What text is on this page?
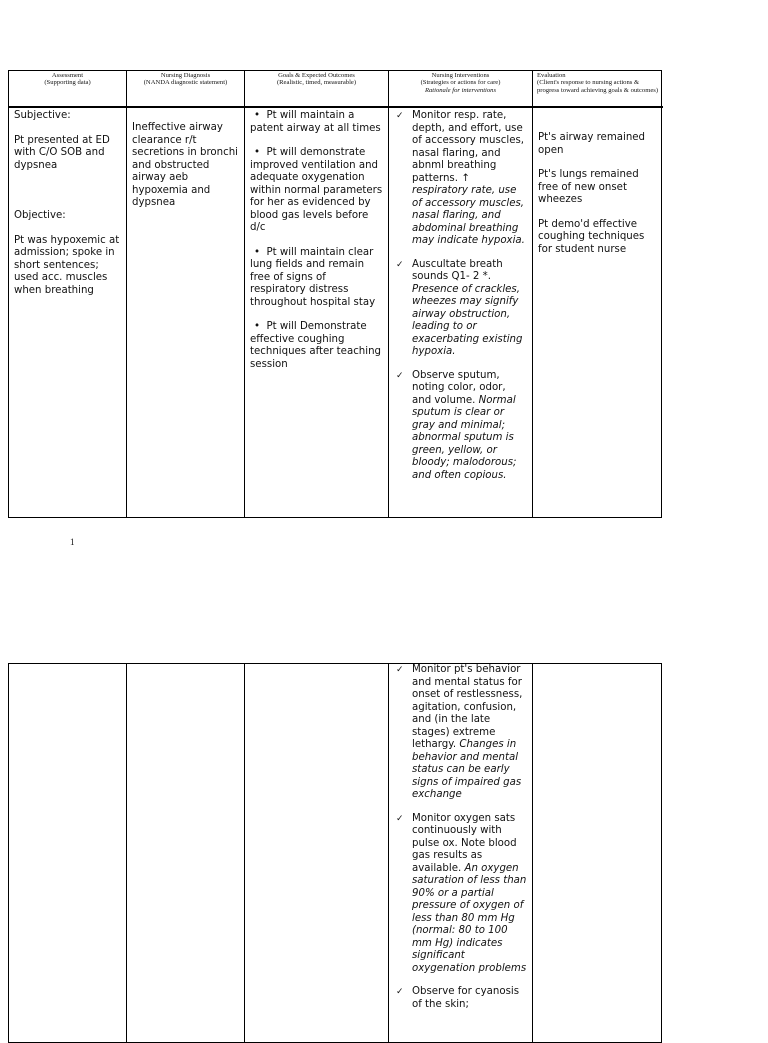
Assessment
(Supporting data)
Nursing Diagnosis
(NANDA diagnostic statement)
Goals & Expected Outcomes
(Realistic, timed, measurable)
Nursing Interventions
(Strategies or actions for care)
Rationale for interventions
Evaluation
(Client's response to nursing actions & progress toward achieving goals & outcomes)

Subjective:

Pt presented at ED with C/O SOB and dypsnea

Objective:

Pt was hypoxemic at admission; spoke in short sentences; used acc. muscles when breathing

Ineffective airway clearance r/t secretions in bronchi and obstructed airway aeb hypoxemia and dypsnea

•  Pt will maintain a patent airway at all times
•  Pt will demonstrate improved ventilation and adequate oxygenation within normal parameters for her as evidenced by blood gas levels before d/c
•  Pt will maintain clear lung fields and remain free of signs of respiratory distress throughout hospital stay
•  Pt will Demonstrate effective coughing techniques after teaching session
✓ Monitor resp. rate, depth, and effort, use of accessory muscles, nasal flaring, and abnml breathing patterns. ↑ respiratory rate, use of accessory muscles, nasal flaring, and abdominal breathing may indicate hypoxia.
✓ Auscultate breath sounds Q1- 2 *. Presence of crackles, wheezes may signify airway obstruction, leading to or exacerbating existing hypoxia.
✓ Observe sputum, noting color, odor, and volume. Normal sputum is clear or gray and minimal; abnormal sputum is green, yellow, or bloody; malodorous; and often copious.

Pt's airway remained open

Pt's lungs remained free of new onset wheezes

Pt demo'd effective coughing techniques for student nurse

1
✓ Monitor pt's behavior and mental status for onset of restlessness, agitation, confusion, and (in the late stages) extreme lethargy. Changes in behavior and mental status can be early signs of impaired gas exchange
✓ Monitor oxygen sats continuously with pulse ox. Note blood gas results as available. An oxygen saturation of less than 90% or a partial pressure of oxygen of less than 80 mm Hg (normal: 80 to 100 mm Hg) indicates significant oxygenation problems
✓ Observe for cyanosis of the skin;
